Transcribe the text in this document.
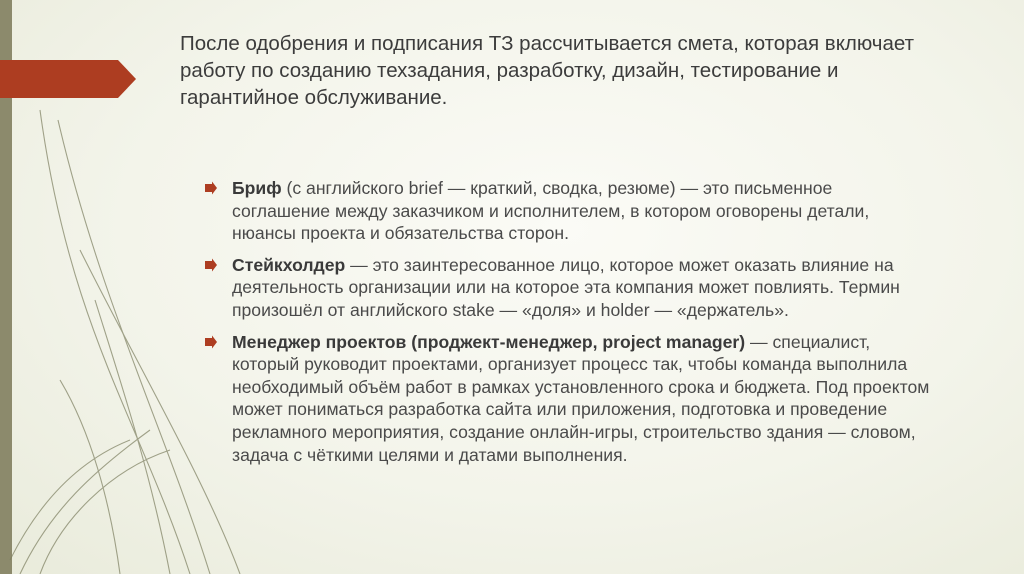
После одобрения и подписания ТЗ рассчитывается смета, которая включает работу по созданию техзадания, разработку, дизайн, тестирование и гарантийное обслуживание.
Бриф (с английского brief — краткий, сводка, резюме) — это письменное соглашение между заказчиком и исполнителем, в котором оговорены детали, нюансы проекта и обязательства сторон.
Стейкхолдер — это заинтересованное лицо, которое может оказать влияние на деятельность организации или на которое эта компания может повлиять. Термин произошёл от английского stake — «доля» и holder — «держатель».
Менеджер проектов (проджект-менеджер, project manager) — специалист, который руководит проектами, организует процесс так, чтобы команда выполнила необходимый объём работ в рамках установленного срока и бюджета. Под проектом может пониматься разработка сайта или приложения, подготовка и проведение рекламного мероприятия, создание онлайн-игры, строительство здания — словом, задача с чёткими целями и датами выполнения.
